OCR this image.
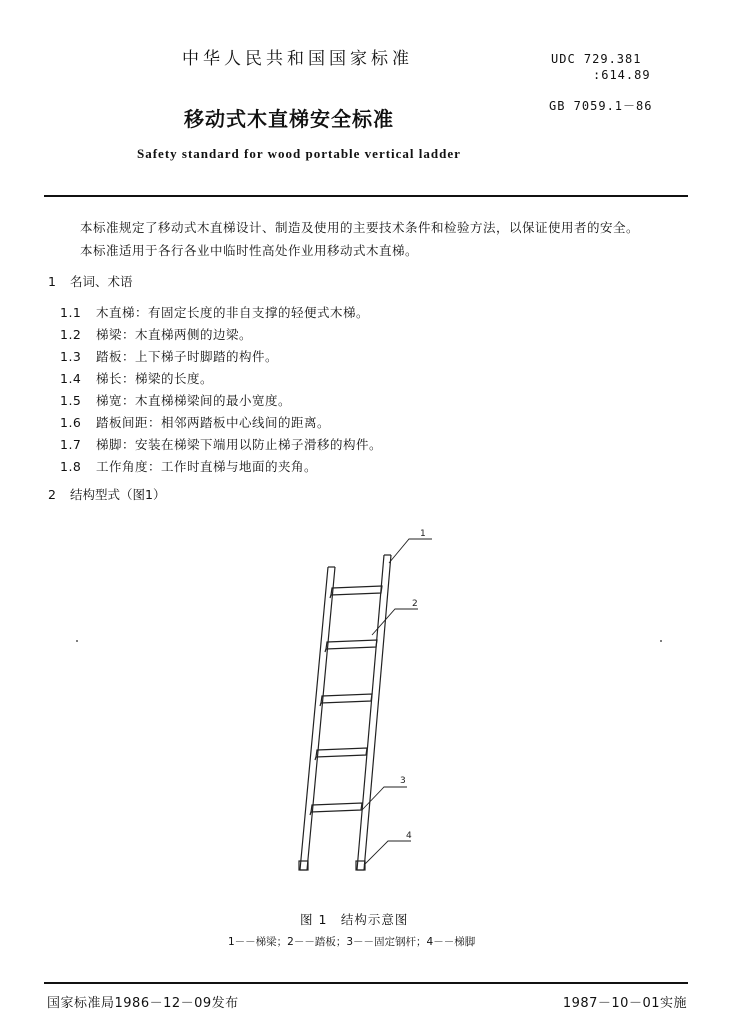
中华人民共和国国家标准	UDC 729.381
:614.89
GB 7059.1－86
移动式木直梯安全标准
Safety standard for wood portable vertical ladder
本标准规定了移动式木直梯设计、制造及使用的主要技术条件和检验方法，以保证使用者的安全。
本标准适用于各行各业中临时性高处作业用移动式木直梯。
1 名词、术语
1.1 木直梯：有固定长度的非自支撑的轻便式木梯。
1.2 梯梁：木直梯两侧的边梁。
1.3 踏板：上下梯子时脚踏的构件。
1.4 梯长：梯梁的长度。
1.5 梯宽：木直梯梯梁间的最小宽度。
1.6 踏板间距：相邻两踏板中心线间的距离。
1.7 梯脚：安装在梯梁下端用以防止梯子滑移的构件。
1.8 工作角度：工作时直梯与地面的夹角。
2 结构型式（图1）
1
2
3
4
图 1　结构示意图
1－－梯梁；2－－踏板；3－－固定钢杆；4－－梯脚
国家标准局1986－12－09发布	1987－10－01实施
